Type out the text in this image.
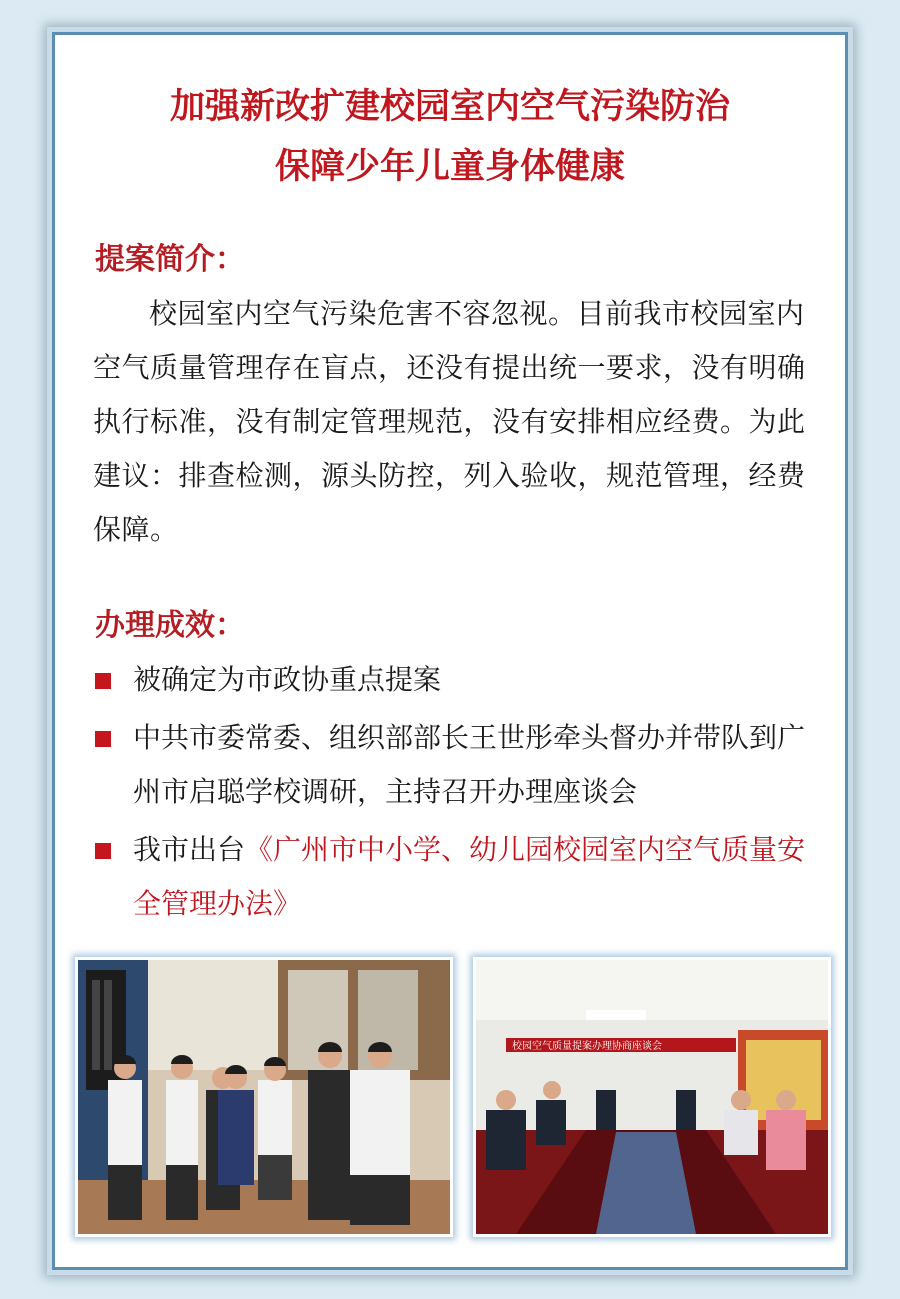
加强新改扩建校园室内空气污染防治
保障少年儿童身体健康
提案简介：

校园室内空气污染危害不容忽视。目前我市校园室内空气质量管理存在盲点，还没有提出统一要求，没有明确执行标准，没有制定管理规范，没有安排相应经费。为此建议：排查检测，源头防控，列入验收，规范管理，经费保障。

办理成效：
被确定为市政协重点提案
中共市委常委、组织部部长王世彤牵头督办并带队到广州市启聪学校调研，主持召开办理座谈会
我市出台《广州市中小学、幼儿园校园室内空气质量安全管理办法》
校园空气质量提案办理协商座谈会
